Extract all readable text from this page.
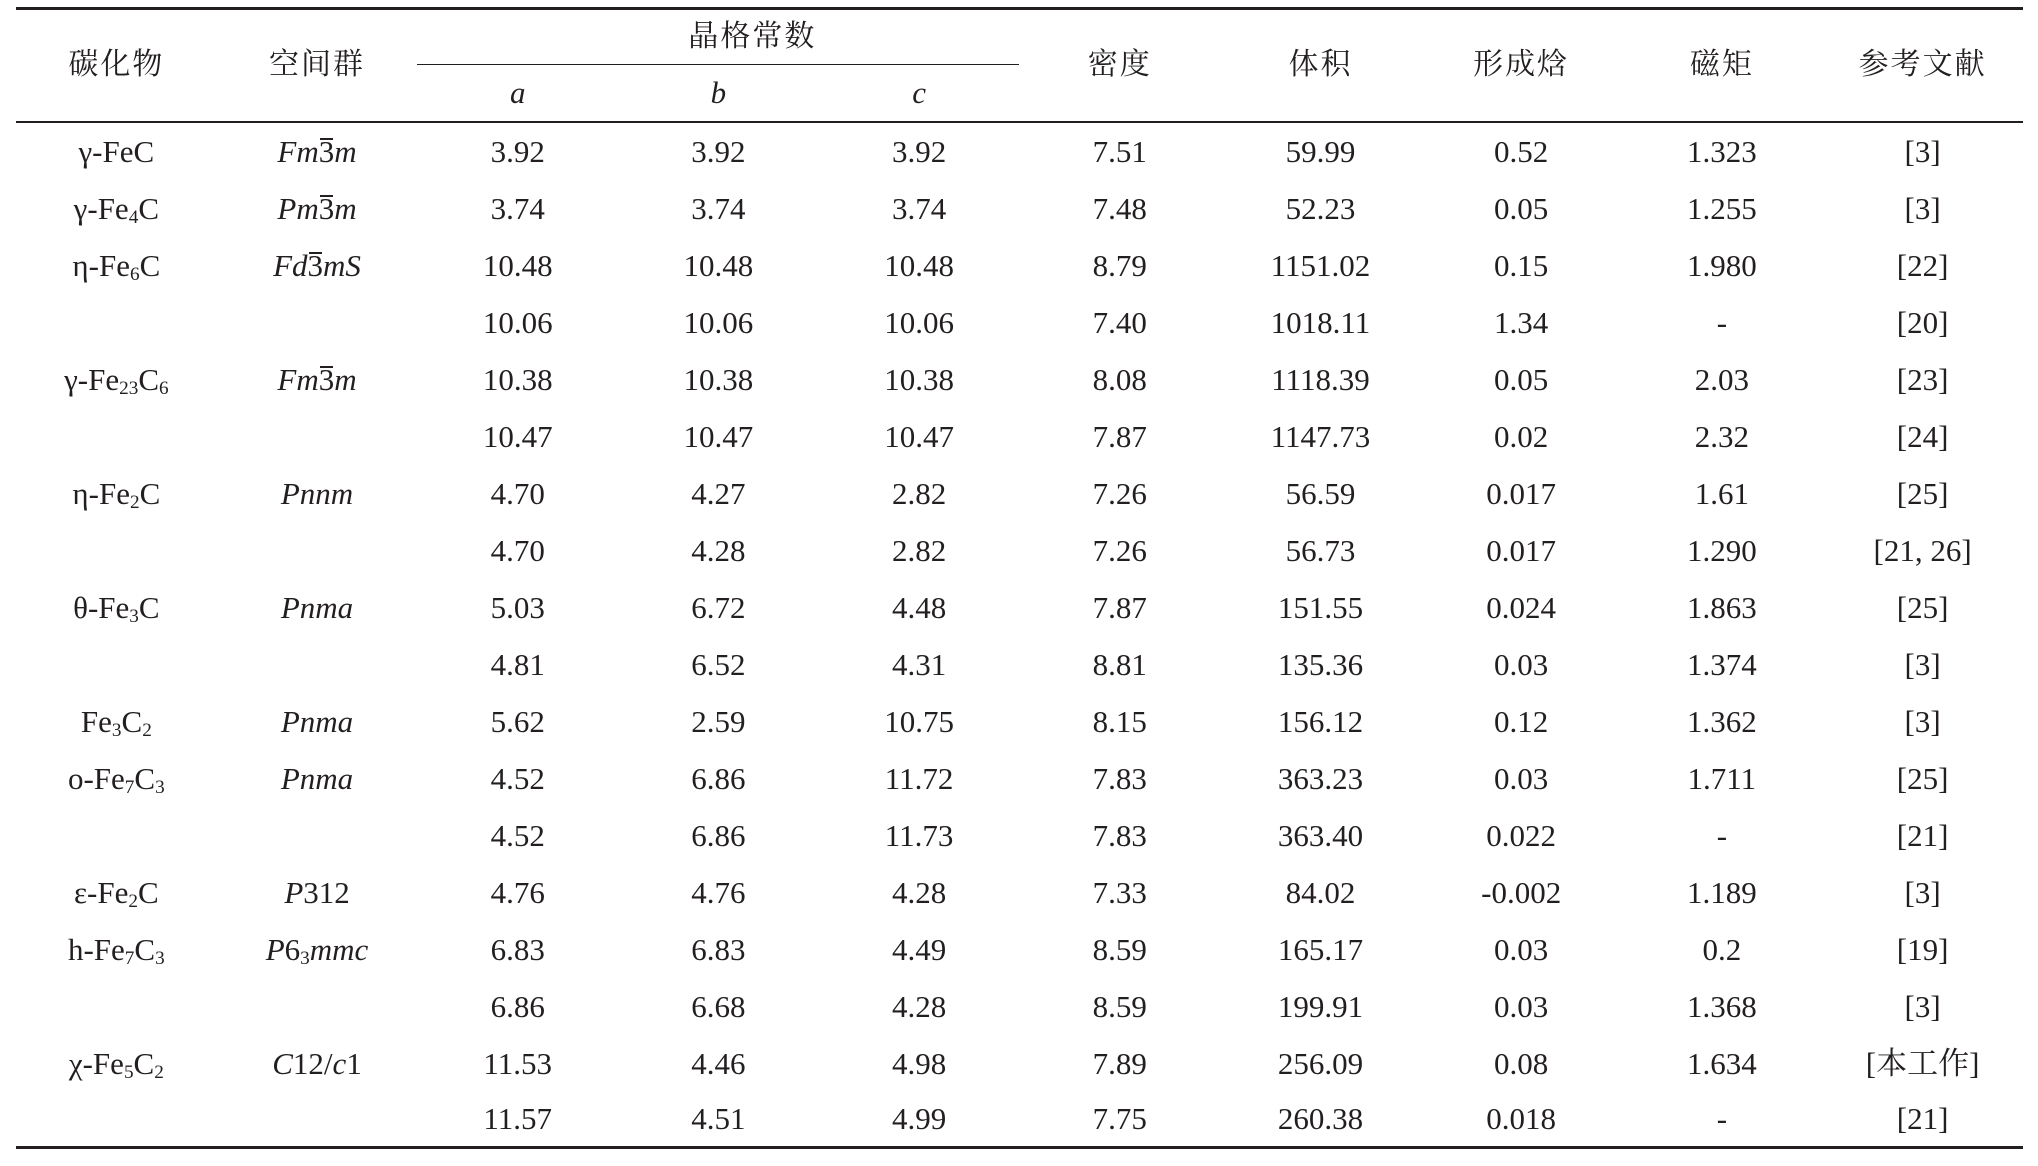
碳化物	空间群	晶格常数			密度	体积	形成焓	磁矩	参考文献
		a	b	c					
γ-FeC	Fm3m	3.92	3.92	3.92	7.51	59.99	0.52	1.323	[3]
$\gamma-Fe_4C$	Pm3m	3.74	3.74	3.74	7.48	52.23	0.05	1.255	[3]
$\eta-Fe_6C$	Fd3mS	10.48	10.48	10.48	8.79	1151.02	0.15	1.980	[22]
		10.06	10.06	10.06	7.40	1018.11	1.34	-	[20]
$\gamma-Fe_{23}C_6$	Fm3m	10.38	10.38	10.38	8.08	1118.39	0.05	2.03	[23]
		10.47	10.47	10.47	7.87	1147.73	0.02	2.32	[24]
$\eta-Fe_2C$	Pnnm	4.70	4.27	2.82	7.26	56.59	0.017	1.61	[25]
		4.70	4.28	2.82	7.26	56.73	0.017	1.290	[21, 26]
$\theta-Fe_3C$	Pnma	5.03	6.72	4.48	7.87	151.55	0.024	1.863	[25]
		4.81	6.52	4.31	8.81	135.36	0.03	1.374	[3]
$Fe_3C_2$	Pnma	5.62	2.59	10.75	8.15	156.12	0.12	1.362	[3]
$o-Fe_7C_3$	Pnma	4.52	6.86	11.72	7.83	363.23	0.03	1.711	[25]
		4.52	6.86	11.73	7.83	363.40	0.022	-	[21]
$\varepsilon-Fe_2C$	P312	4.76	4.76	4.28	7.33	84.02	-0.002	1.189	[3]
$h-Fe_7C_3$	$P6_3mmc$	6.83	6.83	4.49	8.59	165.17	0.03	0.2	[19]
		6.86	6.68	4.28	8.59	199.91	0.03	1.368	[3]
$\chi-Fe_5C_2$	C12/c1	11.53	4.46	4.98	7.89	256.09	0.08	1.634	[本工作]
		11.57	4.51	4.99	7.75	260.38	0.018	-	[21]
